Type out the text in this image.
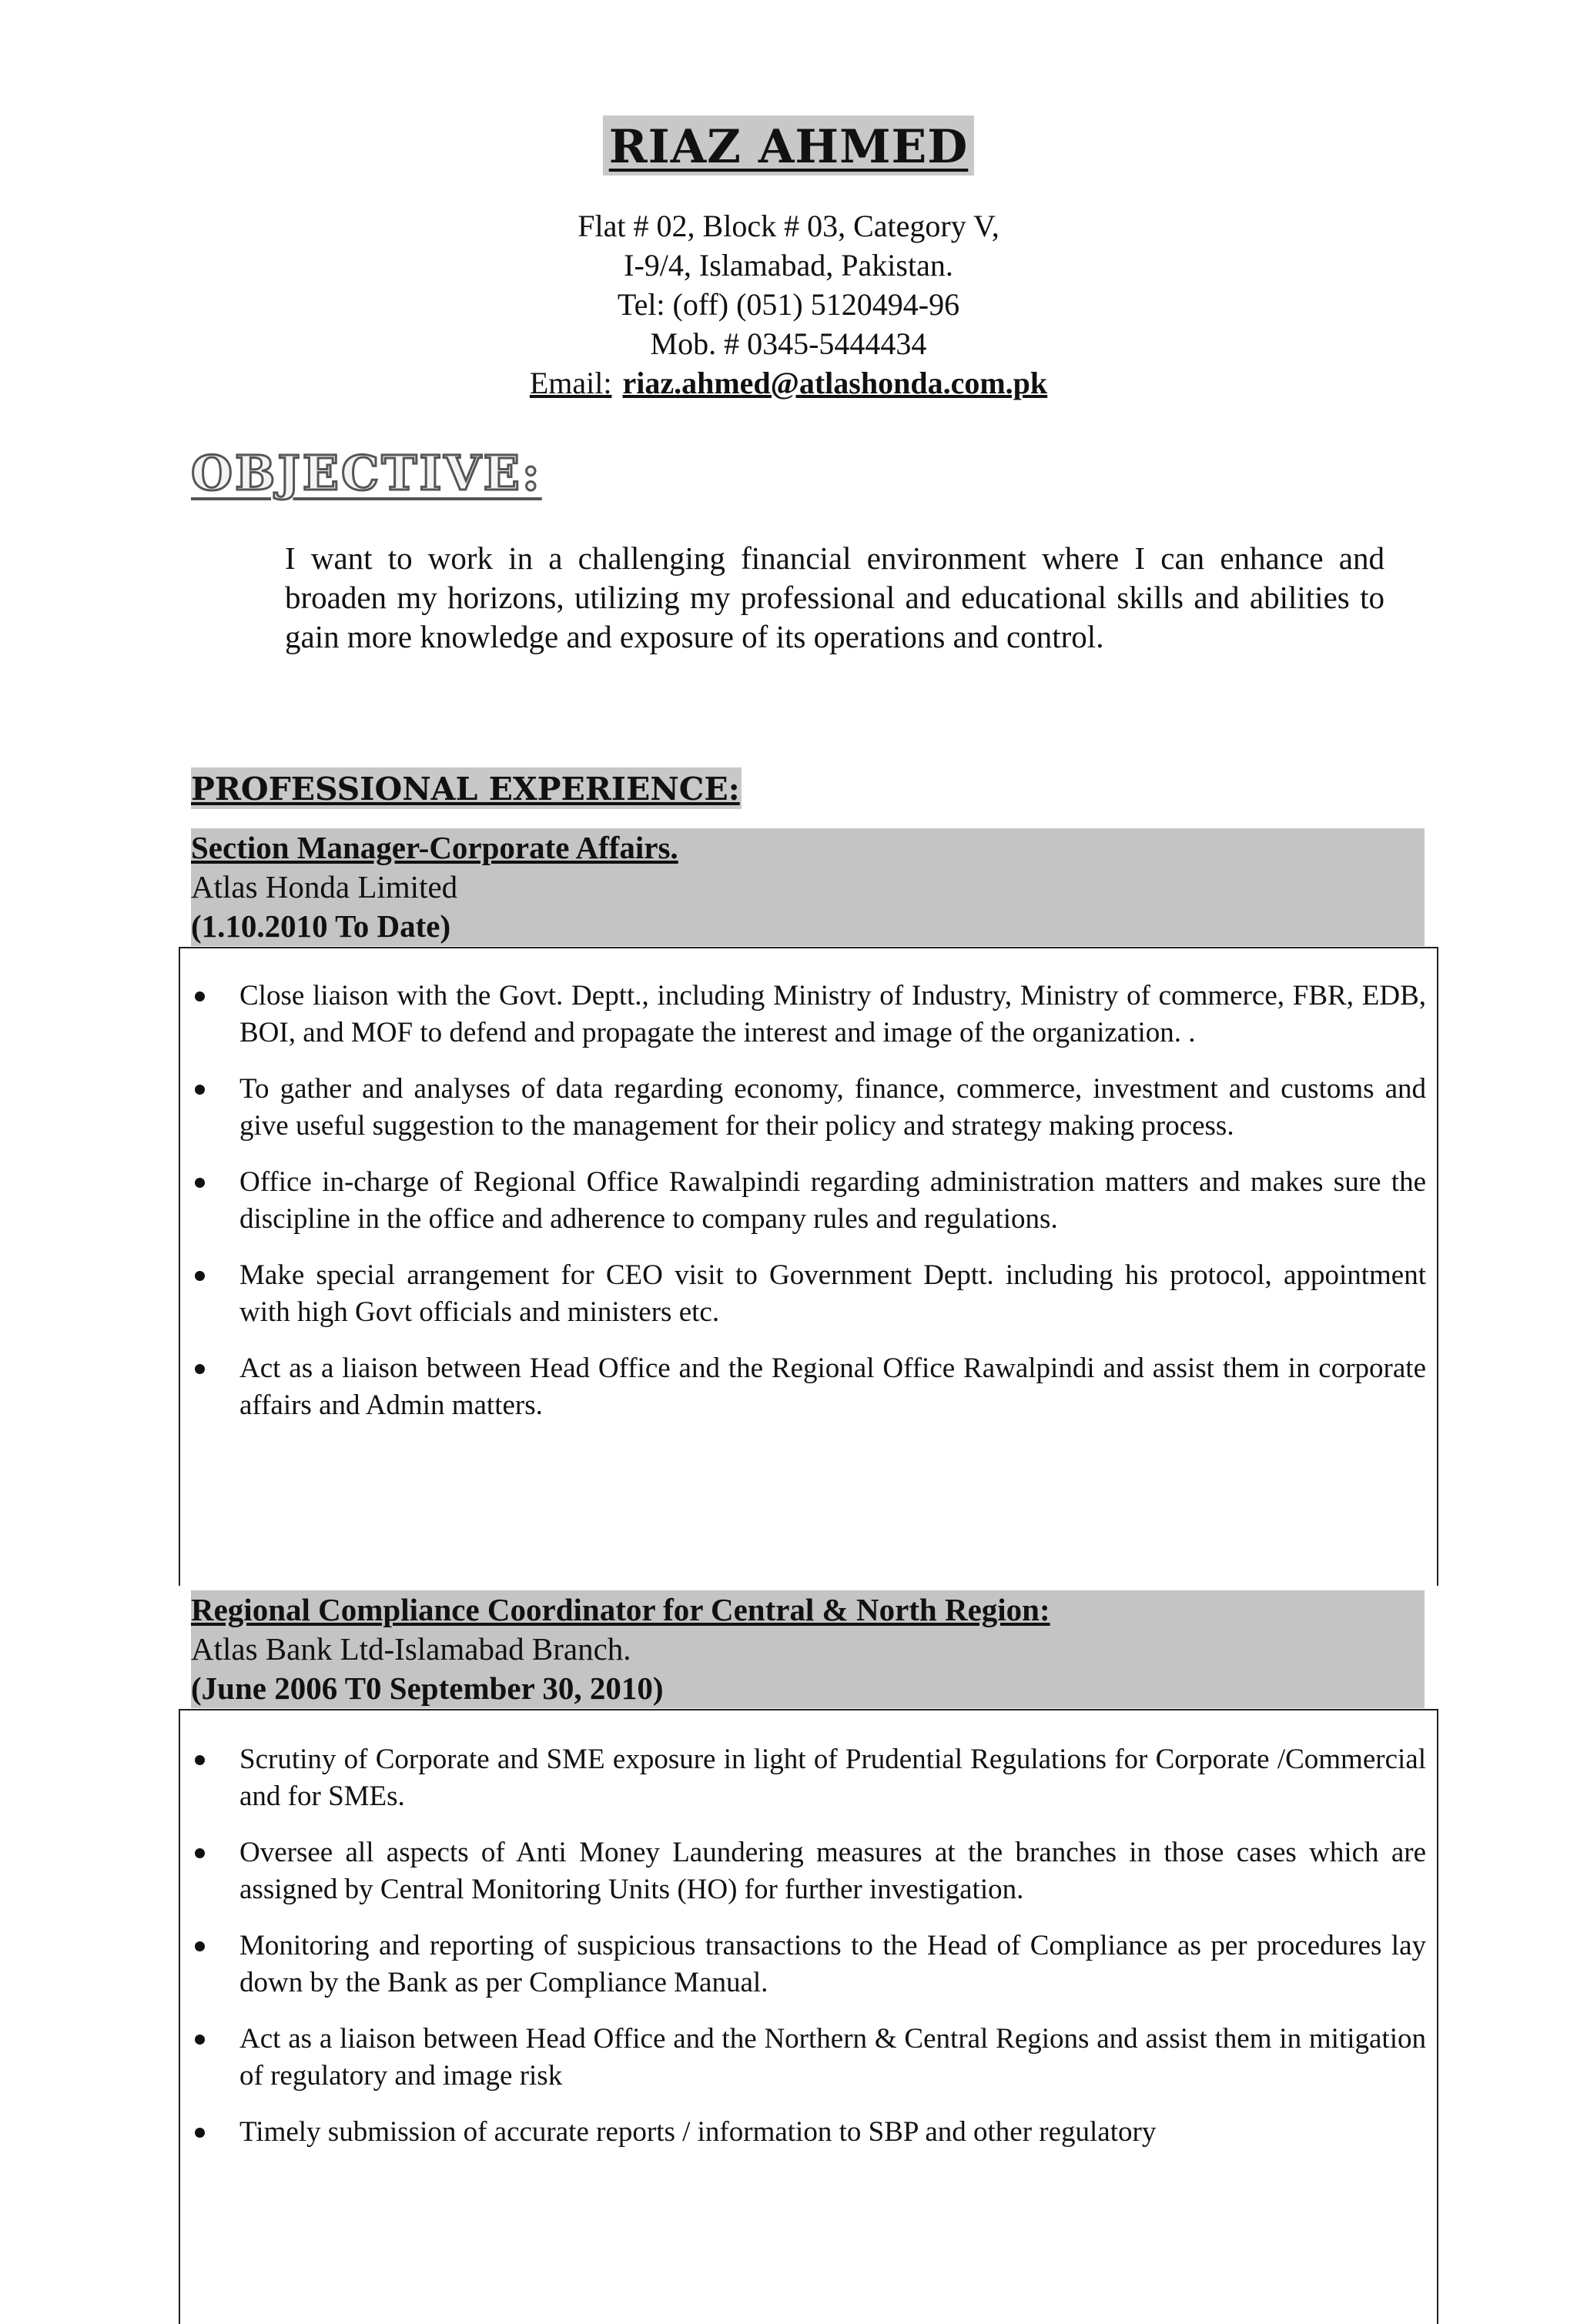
RIAZ AHMED
Flat # 02, Block # 03, Category V,
I-9/4, Islamabad, Pakistan.
Tel: (off) (051) 5120494-96
Mob. # 0345-5444434
Email: riaz.ahmed@atlashonda.com.pk
OBJECTIVE:
I want to work in a challenging financial environment where I can enhance and broaden my horizons, utilizing my professional and educational skills and abilities to gain more knowledge and exposure of its operations and control.
PROFESSIONAL EXPERIENCE:
Section Manager-Corporate Affairs.
Atlas Honda Limited
(1.10.2010 To Date)
Close liaison with the Govt. Deptt., including Ministry of Industry, Ministry of commerce, FBR, EDB, BOI, and MOF to defend and propagate the interest and image of the organization. .
To gather and analyses of data regarding economy, finance, commerce, investment and customs and give useful suggestion to the management for their policy and strategy making process.
Office in-charge of Regional Office Rawalpindi regarding administration matters and makes sure the discipline in the office and adherence to company rules and regulations.
Make special arrangement for CEO visit to Government Deptt. including his protocol, appointment with high Govt officials and ministers etc.
Act as a liaison between Head Office and the Regional Office Rawalpindi and assist them in corporate affairs and Admin matters.
Regional Compliance Coordinator for Central & North Region:
Atlas Bank Ltd-Islamabad Branch.
(June 2006 T0 September 30, 2010)
Scrutiny of Corporate and SME exposure in light of Prudential Regulations for Corporate /Commercial and for SMEs.
Oversee all aspects of Anti Money Laundering measures at the branches in those cases which are assigned by Central Monitoring Units (HO) for further investigation.
Monitoring and reporting of suspicious transactions to the Head of Compliance as per procedures lay down by the Bank as per Compliance Manual.
Act as a liaison between Head Office and the Northern & Central Regions and assist them in mitigation of regulatory and image risk
Timely submission of accurate reports / information to SBP and other regulatory
